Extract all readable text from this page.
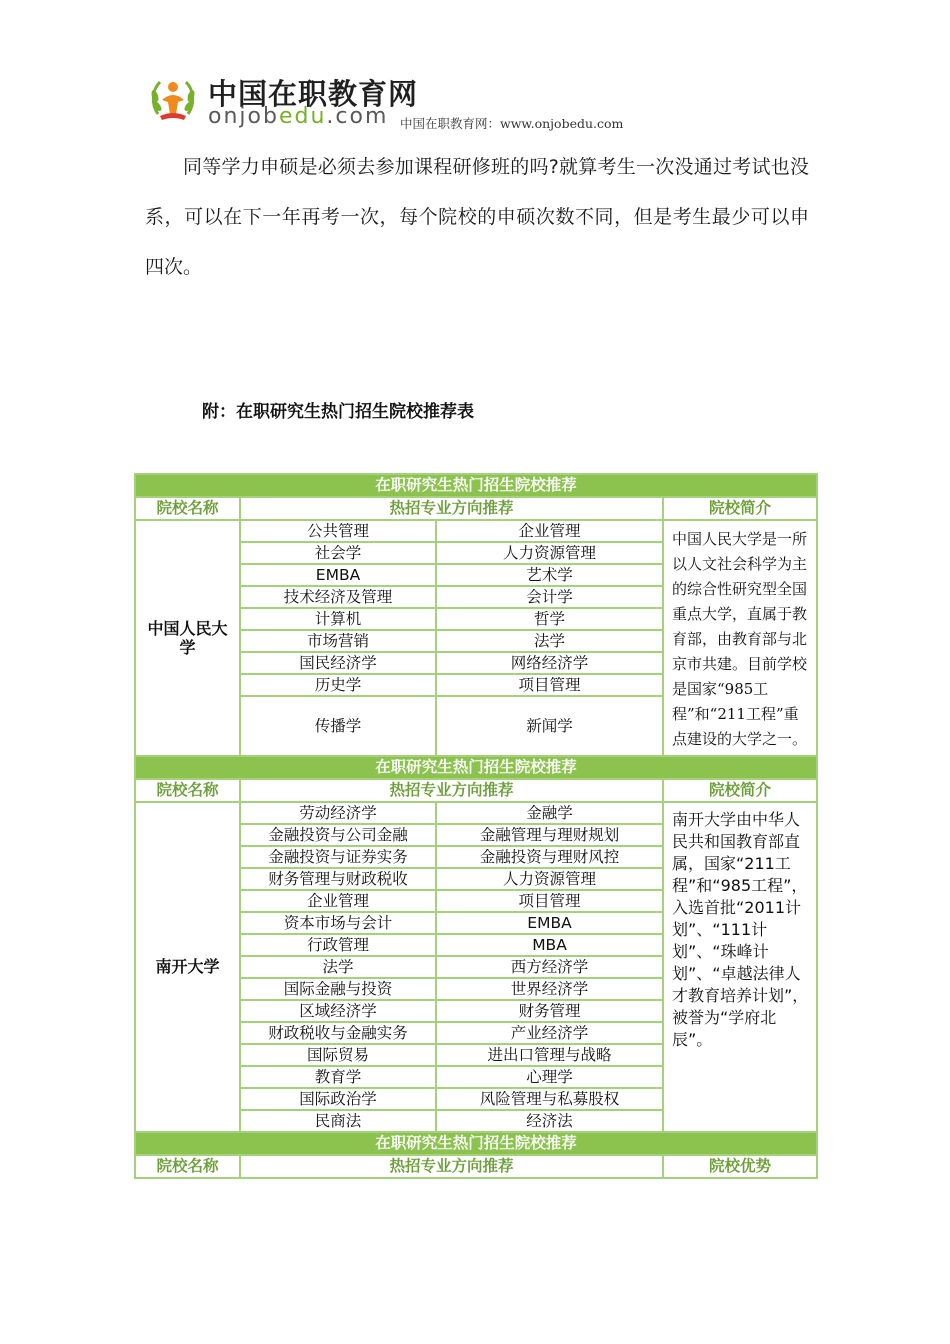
中国在职教育网
onjobedu.com 中国在职教育网：www.onjobedu.com

同等学力申硕是必须去参加课程研修班的吗?就算考生一次没通过考试也没系，可以在下一年再考一次，每个院校的申硕次数不同，但是考生最少可以申四次。

附：在职研究生热门招生院校推荐表

在职研究生热门招生院校推荐			
院校名称	热招专业方向推荐		院校简介
中国人民大学	公共管理	企业管理	中国人民大学是一所以人文社会科学为主的综合性研究型全国重点大学，直属于教育部，由教育部与北京市共建。目前学校是国家“985工程”和“211工程”重点建设的大学之一。

	社会学	人力资源管理	
	EMBA	艺术学	
	技术经济及管理	会计学	
	计算机	哲学	
	市场营销	法学	
	国民经济学	网络经济学	
	历史学	项目管理	
	传播学	新闻学	
在职研究生热门招生院校推荐			
院校名称	热招专业方向推荐		院校简介
南开大学	劳动经济学	金融学	南开大学由中华人民共和国教育部直属，国家“211工程”和“985工程”，入选首批“2011计划”、“111计划”、“珠峰计划”、“卓越法律人才教育培养计划”，被誉为“学府北辰”。

	金融投资与公司金融	金融管理与理财规划	
	金融投资与证券实务	金融投资与理财风控	
	财务管理与财政税收	人力资源管理	
	企业管理	项目管理	
	资本市场与会计	EMBA	
	行政管理	MBA	
	法学	西方经济学	
	国际金融与投资	世界经济学	
	区域经济学	财务管理	
	财政税收与金融实务	产业经济学	
	国际贸易	进出口管理与战略	
	教育学	心理学	
	国际政治学	风险管理与私募股权	
	民商法	经济法	
在职研究生热门招生院校推荐			
院校名称	热招专业方向推荐		院校优势
